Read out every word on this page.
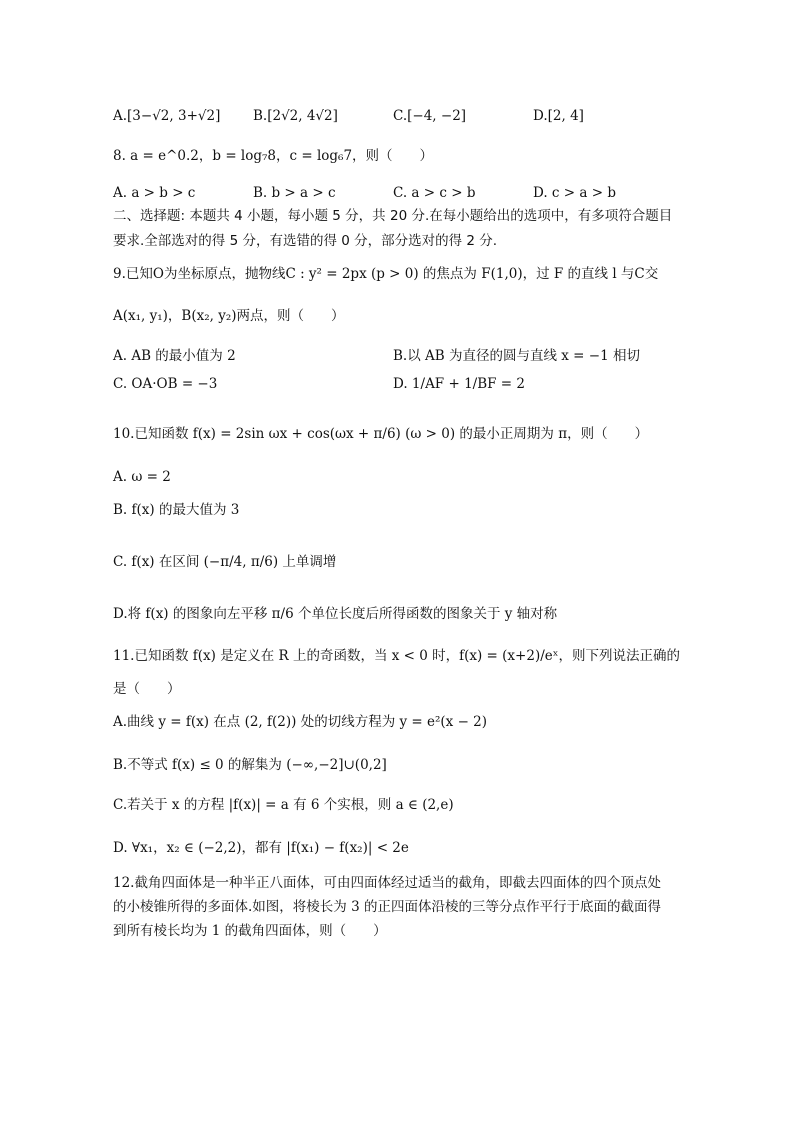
A.[3−√2, 3+√2]	B.[2√2, 4√2]	C.[−4, −2]	D.[2, 4]
8. a = e^0.2，b = log₇8，c = log₆7，则（　　）
A. a > b > c	B. b > a > c	C. a > c > b	D. c > a > b
二、选择题: 本题共 4 小题，每小题 5 分，共 20 分.在每小题给出的选项中，有多项符合题目
要求.全部选对的得 5 分，有选错的得 0 分，部分选对的得 2 分.
9.已知O为坐标原点，抛物线C : y² = 2px (p > 0) 的焦点为 F(1,0)，过 F 的直线 l 与C交
A(x₁, y₁)，B(x₂, y₂)两点，则（　　）
A. AB 的最小值为 2	B.以 AB 为直径的圆与直线 x = −1 相切
C. OA·OB = −3	D. 1/AF + 1/BF = 2
10.已知函数 f(x) = 2sin ωx + cos(ωx + π/6) (ω > 0) 的最小正周期为 π，则（　　）
A. ω = 2
B. f(x) 的最大值为 3
C. f(x) 在区间 (−π/4, π/6) 上单调增
D.将 f(x) 的图象向左平移 π/6 个单位长度后所得函数的图象关于 y 轴对称
11.已知函数 f(x) 是定义在 R 上的奇函数，当 x < 0 时，f(x) = (x+2)/eˣ，则下列说法正确的
是（　　）
A.曲线 y = f(x) 在点 (2, f(2)) 处的切线方程为 y = e²(x − 2)
B.不等式 f(x) ≤ 0 的解集为 (−∞,−2]∪(0,2]
C.若关于 x 的方程 |f(x)| = a 有 6 个实根，则 a ∈ (2,e)
D. ∀x₁，x₂ ∈ (−2,2)，都有 |f(x₁) − f(x₂)| < 2e
12.截角四面体是一种半正八面体，可由四面体经过适当的截角，即截去四面体的四个顶点处
的小棱锥所得的多面体.如图，将棱长为 3 的正四面体沿棱的三等分点作平行于底面的截面得
到所有棱长均为 1 的截角四面体，则（　　）
